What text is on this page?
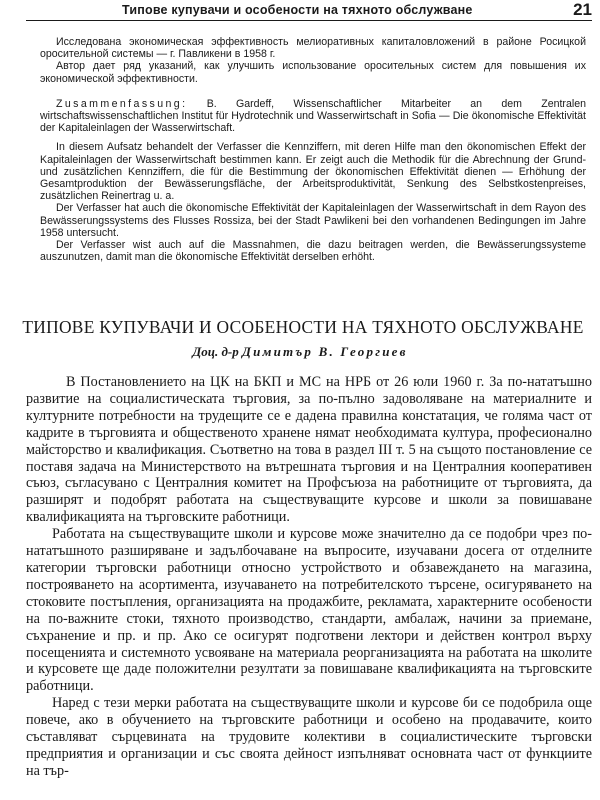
Типове купувачи и особености на тяхното обслужване	21

Исследована экономическая эффективность мелиоративных капиталовложений в районе Росицкой оросительной системы — г. Павликени в 1958 г.

Автор дает ряд указаний, как улучшить использование оросительных систем для повышения их экономической эффективности.

Zusammenfassung: B. Gardeff, Wissenschaftlicher Mitarbeiter an dem Zentralen wirtschaftswissenschaftlichen Institut für Hydrotechnik und Wasserwirtschaft in Sofia — Die ökonomische Effektivität der Kapitaleinlagen der Wasserwirtschaft.

In diesem Aufsatz behandelt der Verfasser die Kennziffern, mit deren Hilfe man den ökonomischen Effekt der Kapitaleinlagen der Wasserwirtschaft bestimmen kann. Er zeigt auch die Methodik für die Abrechnung der Grund- und zusätzlichen Kennziffern, die für die Bestimmung der ökonomischen Effektivität dienen — Erhöhung der Gesamtproduktion der Bewässerungsfläche, der Arbeitsproduktivität, Senkung des Selbstkostenpreises, zusätzlichen Reinertrag u. a.

Der Verfasser hat auch die ökonomische Effektivität der Kapitaleinlagen der Wasserwirtschaft in dem Rayon des Bewässerungssystems des Flusses Rossiza, bei der Stadt Pawlikeni bei den vorhandenen Bedingungen im Jahre 1958 untersucht.

Der Verfasser wist auch auf die Massnahmen, die dazu beitragen werden, die Bewässerungssysteme auszunutzen, damit man die ökonomische Effektivität derselben erhöht.

ТИПОВЕ КУПУВАЧИ И ОСОБЕНОСТИ НА ТЯХНОТО ОБСЛУЖВАНЕ
Доц. д-р Димитър В. Георгиев

В Постановлението на ЦК на БКП и МС на НРБ от 26 юли 1960 г. За по-нататъшно развитие на социалистическата търговия, за по-пълно задоволяване на материалните и културните потребности на трудещите се е дадена правилна констатация, че голяма част от кадрите в търговията и общественото хранене нямат необходимата култура, професионално майсторство и квалификация. Съответно на това в раздел III т. 5 на същото постановление се поставя задача на Министерството на вътрешната търговия и на Централния кооперативен съюз, съгласувано с Централния комитет на Профсъюза на работниците от търговията, да разширят и подобрят работата на съществуващите курсове и школи за повишаване квалификацията на търговските работници.

Работата на съществуващите школи и курсове може значително да се подобри чрез по-нататъшното разширяване и задълбочаване на въпросите, изучавани досега от отделните категории търговски работници относно устройството и обзавеждането на магазина, построяването на асортимента, изучаването на потребителското търсене, осигуряването на стоковите постъпления, организацията на продажбите, рекламата, характерните особености на по-важните стоки, тяхното производство, стандарти, амбалаж, начини за приемане, съхранение и пр. и пр. Ако се осигурят подготвени лектори и действен контрол върху посещенията и системното усвояване на материала реорганизацията на работата на школите и курсовете ще даде положителни резултати за повишаване квалификацията на търговските работници.

Наред с тези мерки работата на съществуващите школи и курсове би се подобрила още повече, ако в обучението на търговските работници и особено на продавачите, които съставляват сърцевината на трудовите колективи в социалистическите търговски предприятия и организации и със своята дейност изпълняват основната част от функциите на тър-
